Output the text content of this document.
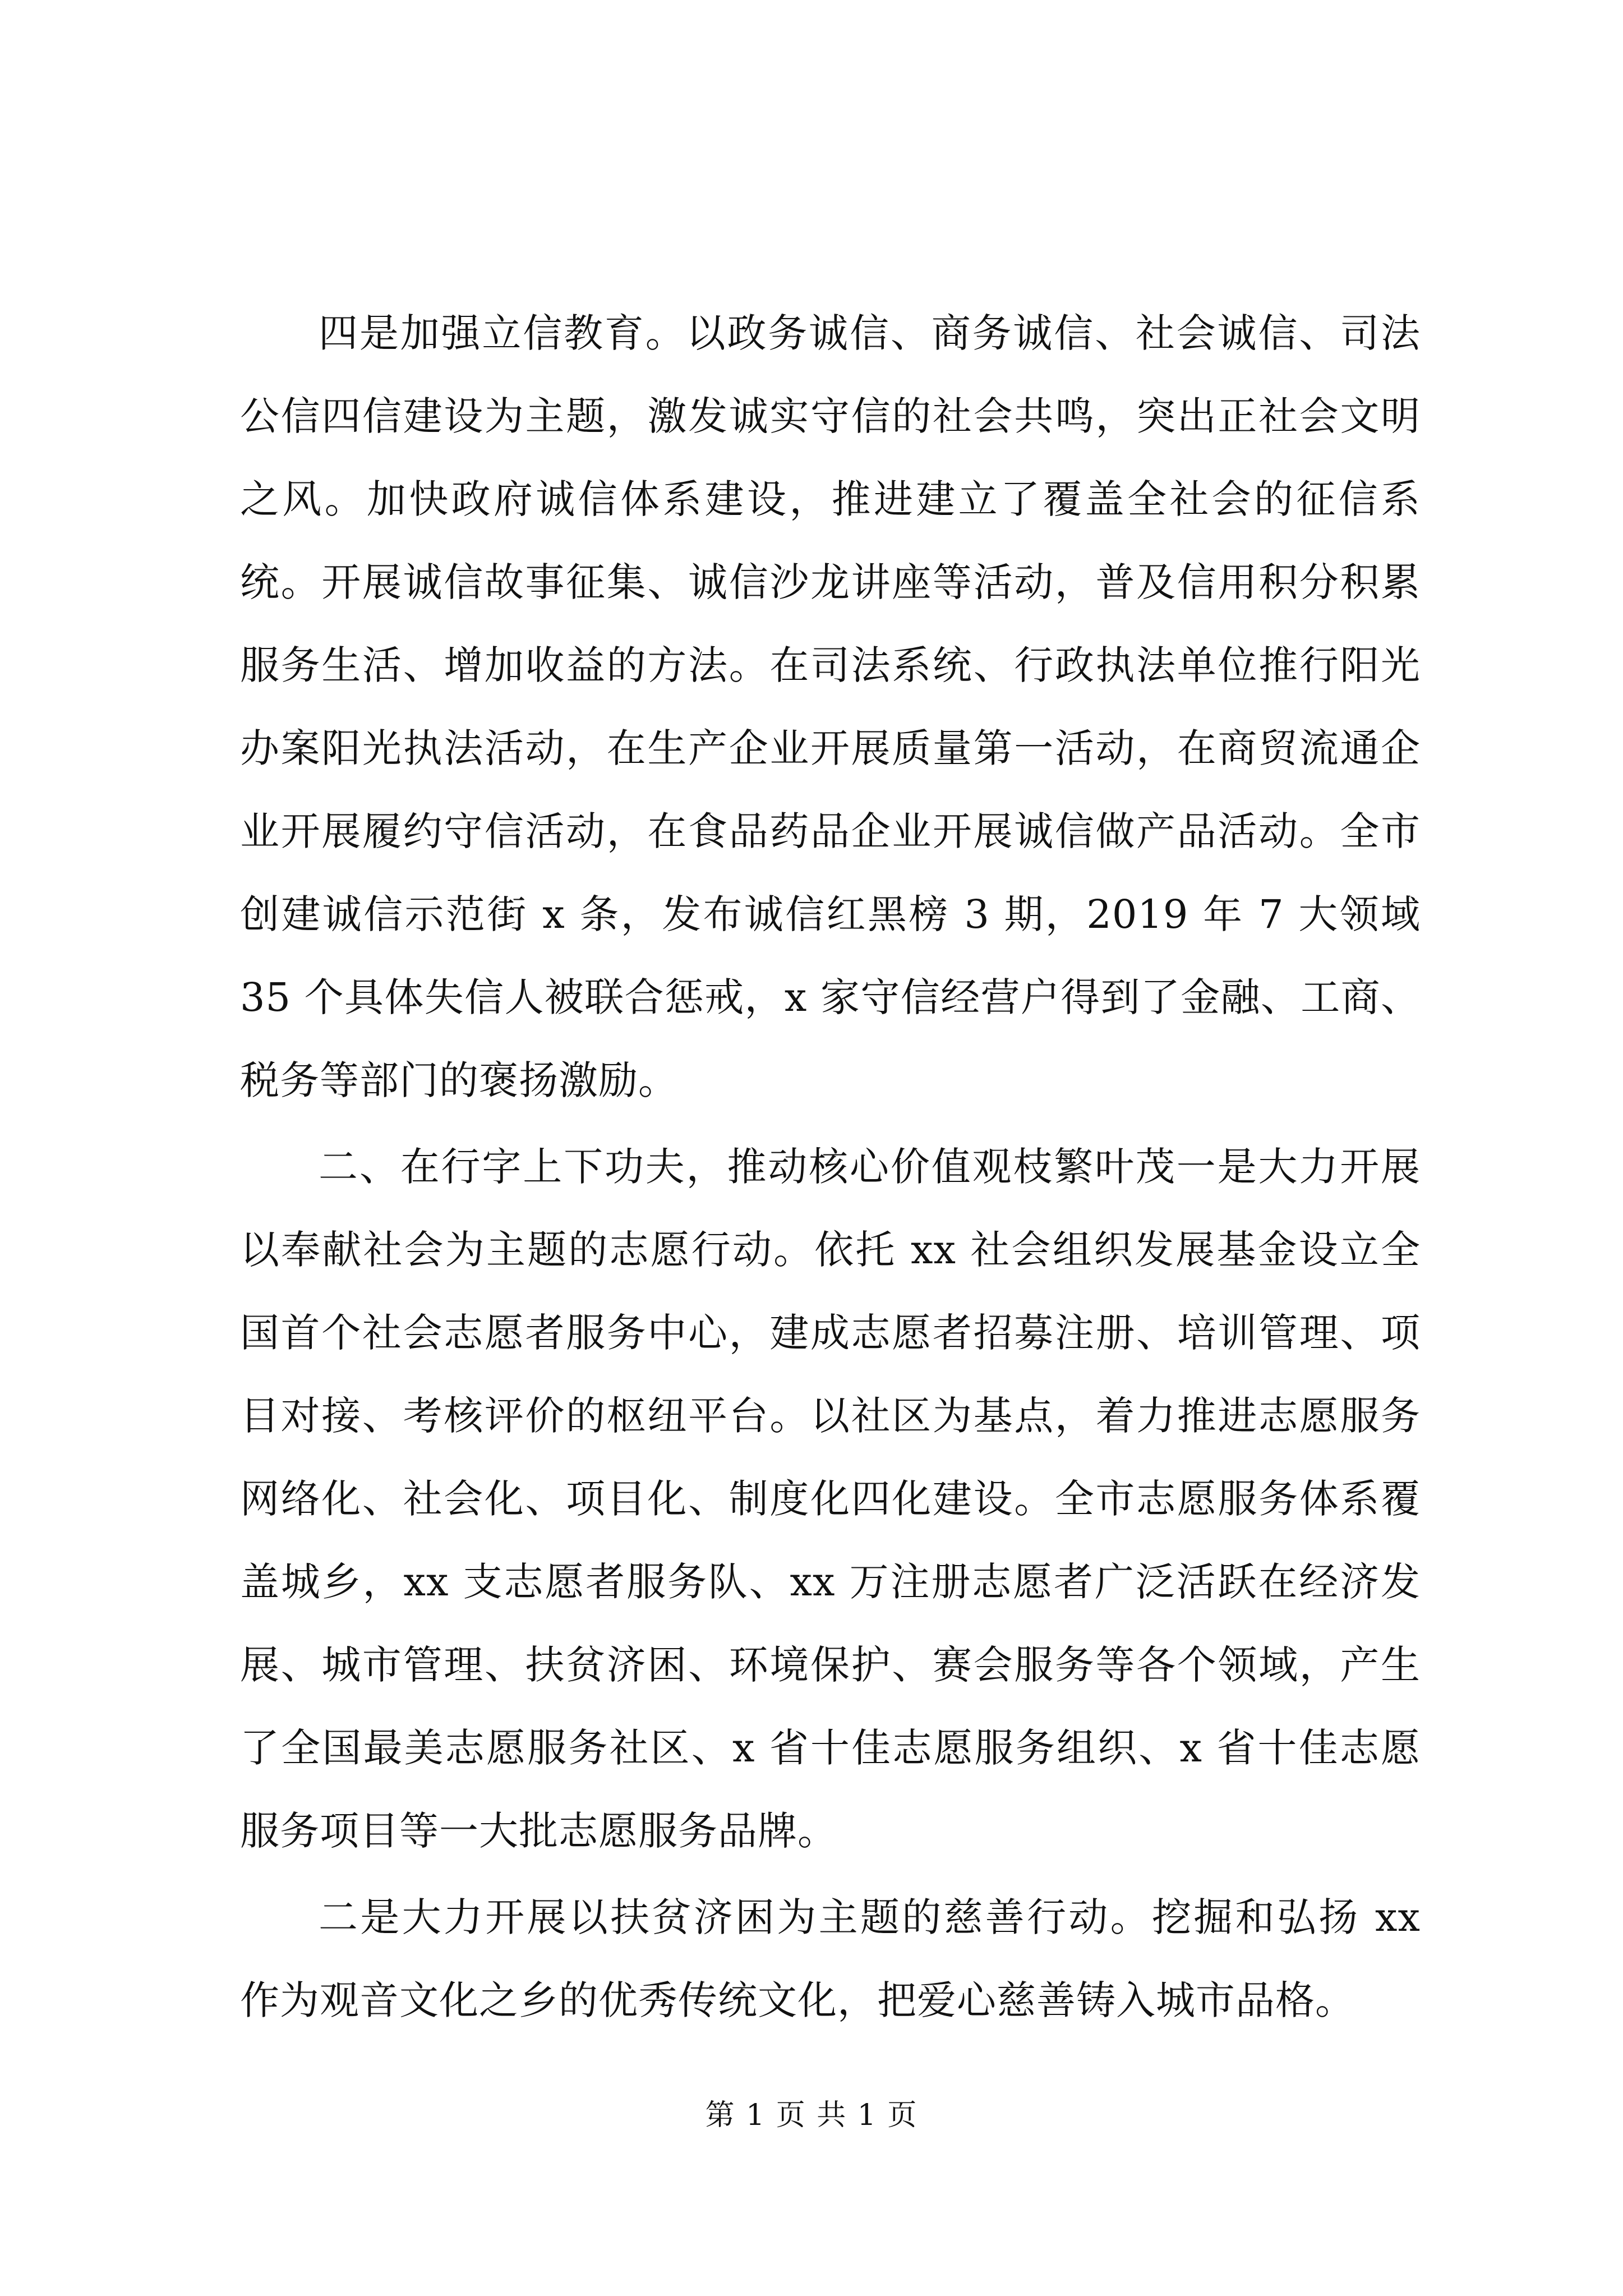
四是加强立信教育。以政务诚信、商务诚信、社会诚信、司法公信四信建设为主题，激发诚实守信的社会共鸣，突出正社会文明之风。加快政府诚信体系建设，推进建立了覆盖全社会的征信系统。开展诚信故事征集、诚信沙龙讲座等活动，普及信用积分积累服务生活、增加收益的方法。在司法系统、行政执法单位推行阳光办案阳光执法活动，在生产企业开展质量第一活动，在商贸流通企业开展履约守信活动，在食品药品企业开展诚信做产品活动。全市创建诚信示范街 x 条，发布诚信红黑榜 3 期，2019 年 7 大领域 35 个具体失信人被联合惩戒，x 家守信经营户得到了金融、工商、税务等部门的褒扬激励。

二、在行字上下功夫，推动核心价值观枝繁叶茂一是大力开展以奉献社会为主题的志愿行动。依托 xx 社会组织发展基金设立全国首个社会志愿者服务中心，建成志愿者招募注册、培训管理、项目对接、考核评价的枢纽平台。以社区为基点，着力推进志愿服务网络化、社会化、项目化、制度化四化建设。全市志愿服务体系覆盖城乡，xx 支志愿者服务队、xx 万注册志愿者广泛活跃在经济发展、城市管理、扶贫济困、环境保护、赛会服务等各个领域，产生了全国最美志愿服务社区、x 省十佳志愿服务组织、x 省十佳志愿服务项目等一大批志愿服务品牌。

二是大力开展以扶贫济困为主题的慈善行动。挖掘和弘扬 xx 作为观音文化之乡的优秀传统文化，把爱心慈善铸入城市品格。

第 1 页 共 1 页
